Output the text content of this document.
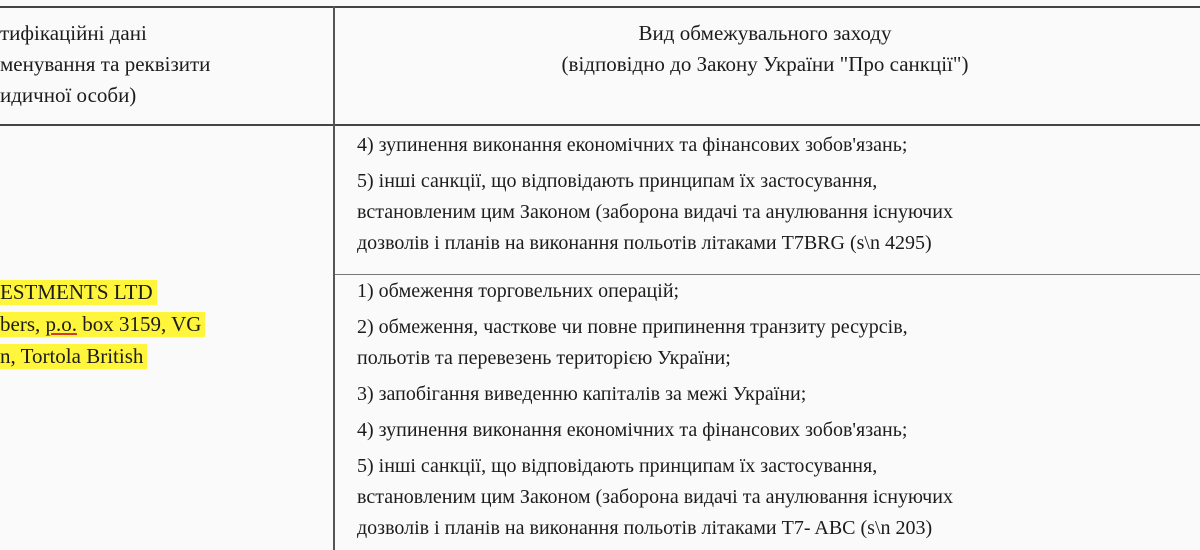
тифікаційні дані
менування та реквізити
идичної особи)
Вид обмежувального заходу
(відповідно до Закону України "Про санкції")
ESTMENTS LTD
bers, p.o. box 3159, VG
n, Tortola British
4) зупинення виконання економічних та фінансових зобов'язань;
5) інші санкції, що відповідають принципам їх застосування,
встановленим цим Законом (заборона видачі та анулювання існуючих
дозволів і планів на виконання польотів літаками T7BRG (s\n 4295)
1) обмеження торговельних операцій;
2) обмеження, часткове чи повне припинення транзиту ресурсів,
польотів та перевезень територією України;
3) запобігання виведенню капіталів за межі України;
4) зупинення виконання економічних та фінансових зобов'язань;
5) інші санкції, що відповідають принципам їх застосування,
встановленим цим Законом (заборона видачі та анулювання існуючих
дозволів і планів на виконання польотів літаками T7- ABC (s\n 203)
